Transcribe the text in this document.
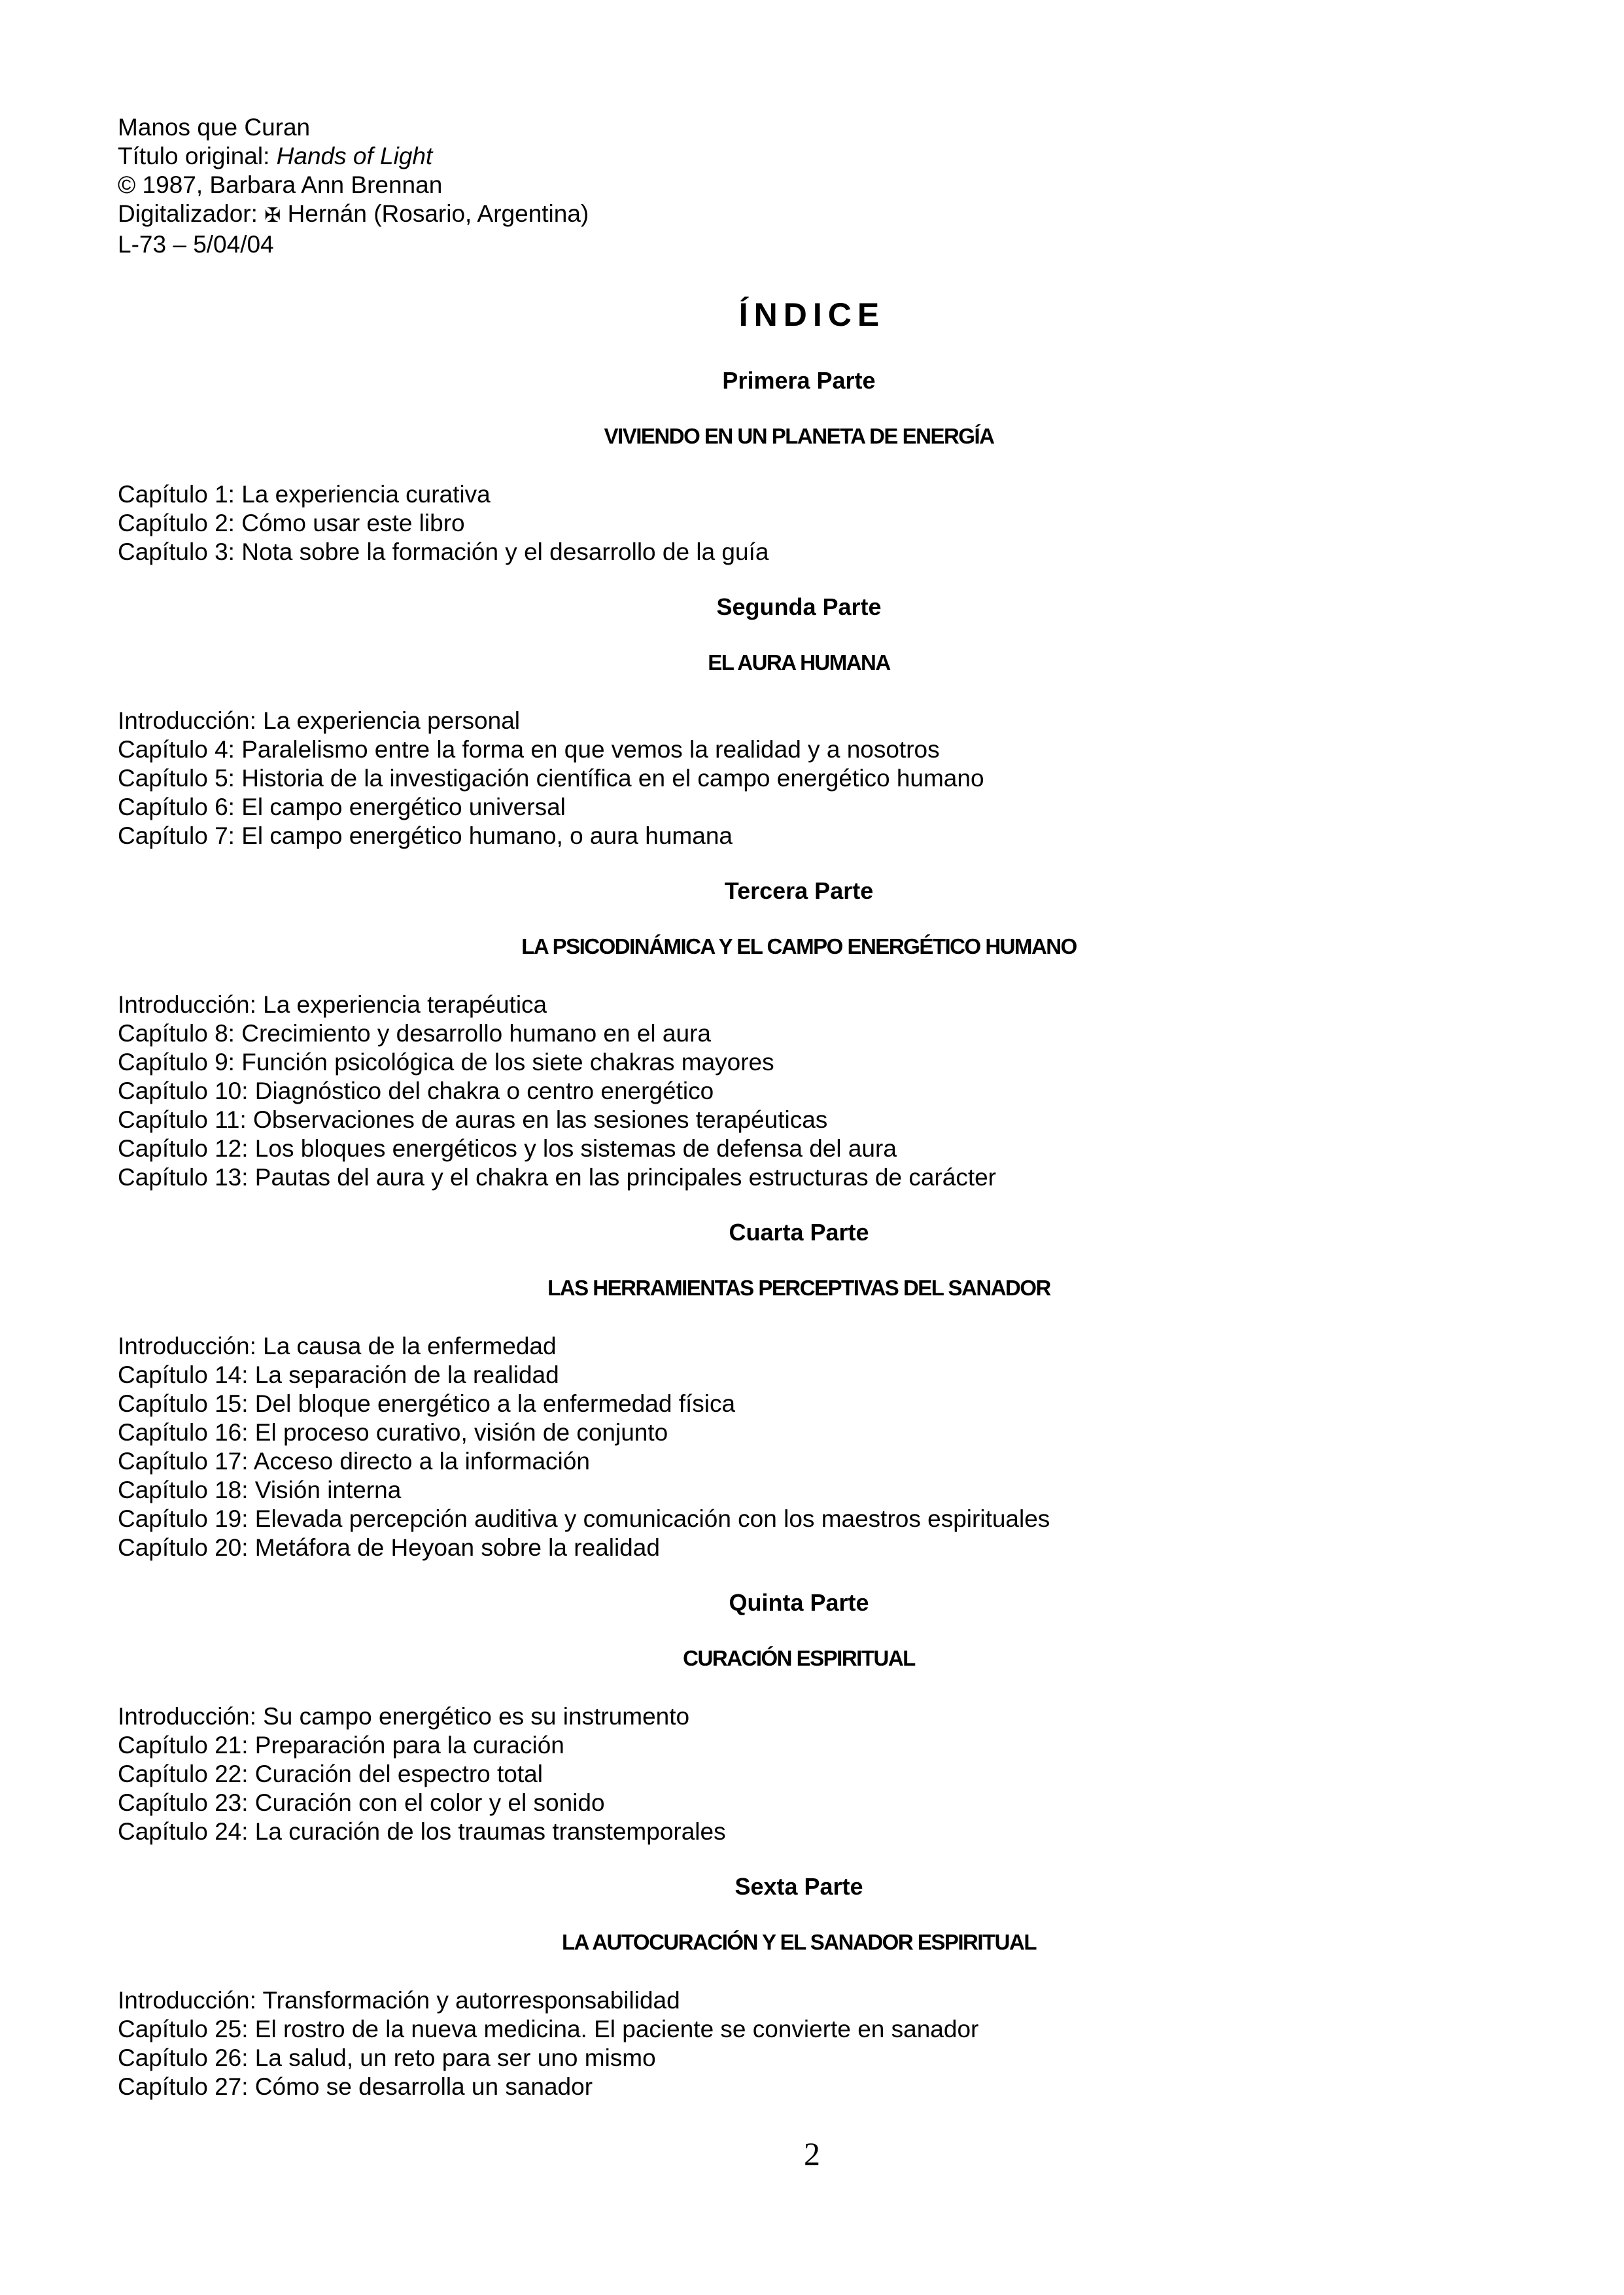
Manos que Curan
Título original: Hands of Light
© 1987, Barbara Ann Brennan
Digitalizador: ✠ Hernán (Rosario, Argentina)
L-73 – 5/04/04
ÍNDICE
Primera Parte
VIVIENDO EN UN PLANETA DE ENERGÍA
Capítulo 1: La experiencia curativa
Capítulo 2: Cómo usar este libro
Capítulo 3: Nota sobre la formación y el desarrollo de la guía
Segunda Parte
EL AURA HUMANA
Introducción: La experiencia personal
Capítulo 4: Paralelismo entre la forma en que vemos la realidad y a nosotros
Capítulo 5: Historia de la investigación científica en el campo energético humano
Capítulo 6: El campo energético universal
Capítulo 7: El campo energético humano, o aura humana
Tercera Parte
LA PSICODINÁMICA Y EL CAMPO ENERGÉTICO HUMANO
Introducción: La experiencia terapéutica
Capítulo 8: Crecimiento y desarrollo humano en el aura
Capítulo 9: Función psicológica de los siete chakras mayores
Capítulo 10: Diagnóstico del chakra o centro energético
Capítulo 11: Observaciones de auras en las sesiones terapéuticas
Capítulo 12: Los bloques energéticos y los sistemas de defensa del aura
Capítulo 13: Pautas del aura y el chakra en las principales estructuras de carácter
Cuarta Parte
LAS HERRAMIENTAS PERCEPTIVAS DEL SANADOR
Introducción: La causa de la enfermedad
Capítulo 14: La separación de la realidad
Capítulo 15: Del bloque energético a la enfermedad física
Capítulo 16: El proceso curativo, visión de conjunto
Capítulo 17: Acceso directo a la información
Capítulo 18: Visión interna
Capítulo 19: Elevada percepción auditiva y comunicación con los maestros espirituales
Capítulo 20: Metáfora de Heyoan sobre la realidad
Quinta Parte
CURACIÓN ESPIRITUAL
Introducción: Su campo energético es su instrumento
Capítulo 21: Preparación para la curación
Capítulo 22: Curación del espectro total
Capítulo 23: Curación con el color y el sonido
Capítulo 24: La curación de los traumas transtemporales
Sexta Parte
LA AUTOCURACIÓN Y EL SANADOR ESPIRITUAL
Introducción: Transformación y autorresponsabilidad
Capítulo 25: El rostro de la nueva medicina. El paciente se convierte en sanador
Capítulo 26: La salud, un reto para ser uno mismo
Capítulo 27: Cómo se desarrolla un sanador
2
